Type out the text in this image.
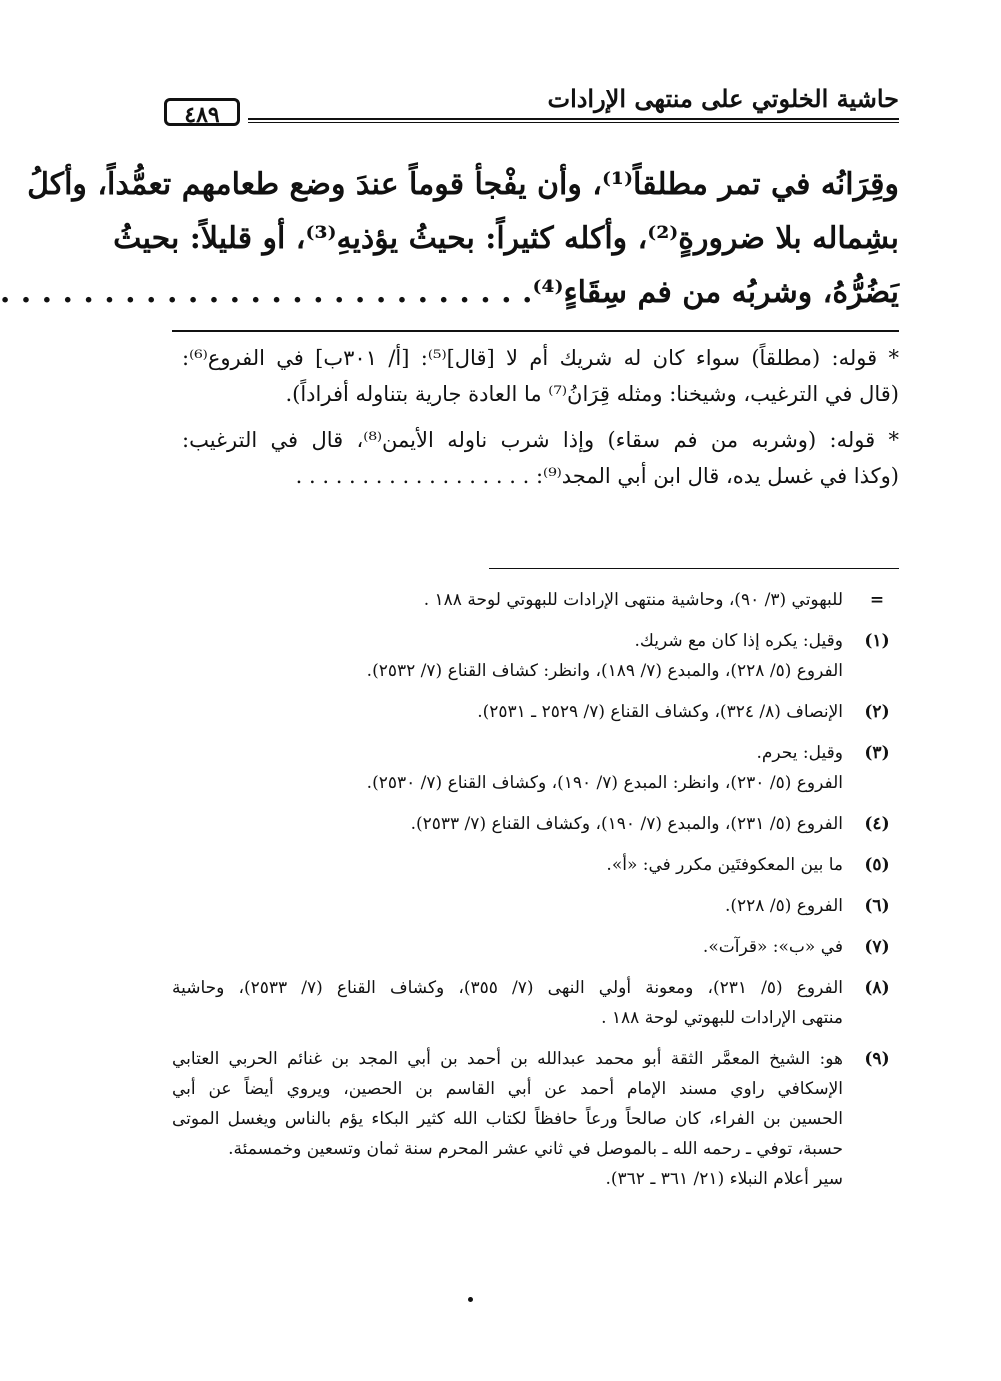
حاشية الخلوتي على منتهى الإرادات
٤٨٩
وقِرَانُه في تمر مطلقاً⁽¹⁾، وأن يفْجأ قوماً عندَ وضع طعامهم تعمُّداً، وأكلُ
بشِماله بلا ضرورةٍ⁽²⁾، وأكله كثيراً: بحيثُ يؤذيهِ⁽³⁾، أو قليلاً: بحيثُ
يَضُرُّهُ، وشربُه من فم سِقَاءٍ⁽⁴⁾. . . . . . . . . . . . . . . . . . . . . . . . . .
* قوله: (مطلقاً) سواء كان له شريك أم لا [قال]⁽⁵⁾: [أ/ ٣٠١ب] في الفروع⁽⁶⁾:
(قال في الترغيب، وشيخنا: ومثله قِرَانُ⁽⁷⁾ ما العادة جارية بتناوله أفراداً).
* قوله: (وشربه من فم سقاء) وإذا شرب ناوله الأيمن⁽⁸⁾، قال في الترغيب:
(وكذا في غسل يده، قال ابن أبي المجد⁽⁹⁾: . . . . . . . . . . . . . . . . . .
=
للبهوتي (٣/ ٩٠)، وحاشية منتهى الإرادات للبهوتي لوحة ١٨٨ .
(١)
وقيل: يكره إذا كان مع شريك.
الفروع (٥/ ٢٢٨)، والمبدع (٧/ ١٨٩)، وانظر: كشاف القناع (٧/ ٢٥٣٢).
(٢)
الإنصاف (٨/ ٣٢٤)، وكشاف القناع (٧/ ٢٥٢٩ ـ ٢٥٣١).
(٣)
وقيل: يحرم.
الفروع (٥/ ٢٣٠)، وانظر: المبدع (٧/ ١٩٠)، وكشاف القناع (٧/ ٢٥٣٠).
(٤)
الفروع (٥/ ٢٣١)، والمبدع (٧/ ١٩٠)، وكشاف القناع (٧/ ٢٥٣٣).
(٥)
ما بين المعكوفتَين مكرر في: «أ».
(٦)
الفروع (٥/ ٢٢٨).
(٧)
في «ب»: «قرآت».
(٨)
الفروع (٥/ ٢٣١)، ومعونة أولي النهى (٧/ ٣٥٥)، وكشاف القناع (٧/ ٢٥٣٣)، وحاشية
منتهى الإرادات للبهوتي لوحة ١٨٨ .
(٩)
هو: الشيخ المعمَّر الثقة أبو محمد عبدالله بن أحمد بن أبي المجد بن غنائم الحربي العتابي
الإسكافي راوي مسند الإمام أحمد عن أبي القاسم بن الحصين، ويروي أيضاً عن أبي
الحسين بن الفراء، كان صالحاً ورعاً حافظاً لكتاب الله كثير البكاء يؤم بالناس ويغسل الموتى
حسبة، توفي ـ رحمه الله ـ بالموصل في ثاني عشر المحرم سنة ثمان وتسعين وخمسمئة.
سير أعلام النبلاء (٢١/ ٣٦١ ـ ٣٦٢).
